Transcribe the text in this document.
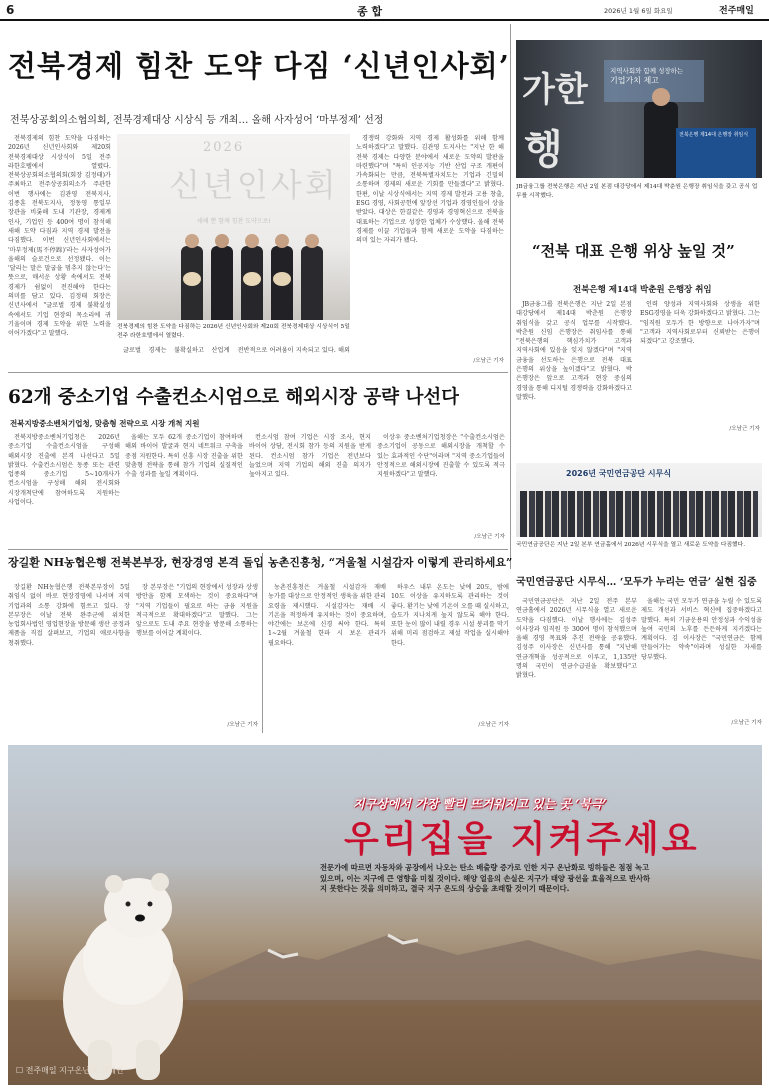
6	종 합	2026년 1월 6일 화요일	전주매일
전북경제 힘찬 도약 다짐 ‘신년인사회’
전북상공회의소협의회, 전북경제대상 시상식 등 개최… 올해 사자성어 ‘마부정제’ 선정

전북경제의 힘찬 도약을 다짐하는 2026년 신년인사회와 제20회 전북경제대상 시상식이 5일 전주 라한호텔에서 열렸다. 전북상공회의소협의회(회장 김정태)가 주최하고 전주상공회의소가 주관한 이번 행사에는 김관영 전북지사, 김종훈 전북도지사, 정동영 통일부 장관을 비롯해 도내 기관장, 경제계 인사, 기업인 등 400여 명이 참석해 새해 도약 다짐과 지역 경제 발전을 다짐했다. 이번 신년인사회에서는 '마부정제(馬不停蹄)'라는 사자성어가 올해의 슬로건으로 선정됐다. 이는 '달리는 말은 말굽을 멈추지 않는다'는 뜻으로, 매서운 상황 속에서도 전북 경제가 쉼없이 전진해야 한다는 의미를 담고 있다. 김정태 회장은 신년사에서 "글로벌 경제 불확실성 속에서도 기업 현장의 목소리에 귀 기울이며 경제 도약을 위한 노력을 이어가겠다"고 말했다.

2026
신년인사회
새해 뿐 함께 힘찬 도약으로!
전북경제의 힘찬 도약을 다짐하는 2026년 신년인사회와 제20회 전북경제대상 시상식이 5일 전주 라한호텔에서 열렸다.

글로벌 경제는 불확실하고 산업계 전반적으로 어려움이 지속되고 있다. 해외

경쟁력 강화와 지역 경제 활성화를 위해 함께 노력하겠다"고 말했다. 김관영 도지사는 "지난 한 해 전북 경제는 다양한 분야에서 새로운 도약의 발판을 마련했다"며 "특히 인공지능 기반 산업 구조 개편이 가속화되는 만큼, 전북특별자치도는 기업과 긴밀히 소통하며 경제의 새로운 기회를 만들겠다"고 밝혔다. 한편, 이날 시상식에서는 지역 경제 발전과 고용 창출, ESG 경영, 사회공헌에 앞장선 기업과 경영인들이 상을 받았다. 대상은 한결같은 경영과 경영혁신으로 전북을 대표하는 기업으로 성장한 업체가 수상했다. 올해 전북 경제를 이끌 기업들과 함께 새로운 도약을 다짐하는 의미 있는 자리가 됐다.

/오남근 기자
가한
행
지역사회와 함께 성장하는
기업가치 제고
전북은행 제14대 은행장 취임식
JB금융그룹 전북은행은 지난 2일 본점 대강당에서 제14대 박춘원 은행장 취임식을 갖고 공식 업무를 시작했다.
“전북 대표 은행 위상 높일 것”
전북은행 제14대 박춘원 은행장 취임

JB금융그룹 전북은행은 지난 2일 본점 대강당에서 제14대 박춘원 은행장 취임식을 갖고 공식 업무를 시작했다. 박춘원 신임 은행장은 취임사를 통해 "전북은행의 핵심가치가 고객과 지역사회에 있음을 잊지 않겠다"며 "지역 금융을 선도하는 은행으로 전북 대표 은행의 위상을 높이겠다"고 밝혔다. 박 은행장은 앞으로 고객과 현장 중심의 경영을 통해 디지털 경쟁력을 강화하겠다고 말했다.

인력 양성과 지역사회와 상생을 위한 ESG경영을 더욱 강화하겠다고 밝혔다. 그는 "임직원 모두가 한 방향으로 나아가자"며 "고객과 지역사회로부터 신뢰받는 은행이 되겠다"고 강조했다.

/오남근 기자
62개 중소기업 수출컨소시엄으로 해외시장 공략 나선다
전북지방중소벤처기업청, 맞춤형 전략으로 시장 개척 지원

전북지방중소벤처기업청은 2026년 중소기업 수출컨소시엄을 구성해 해외시장 진출에 본격 나선다고 5일 밝혔다. 수출컨소시엄은 동종 또는 관련 업종의 중소기업 5~10개사가 컨소시엄을 구성해 해외 전시회와 시장개척단에 참여하도록 지원하는 사업이다.

올해는 모두 62개 중소기업이 참여하며 해외 바이어 발굴과 현지 네트워크 구축을 중점 지원한다. 특히 신흥 시장 진출을 위한 맞춤형 전략을 통해 참가 기업의 실질적인 수출 성과를 높일 계획이다.

컨소시엄 참여 기업은 시장 조사, 현지 바이어 상담, 전시회 참가 등의 지원을 받게 된다. 컨소시엄 참가 기업은 전년보다 늘었으며 지역 기업의 해외 진출 의지가 높아지고 있다.

이상우 중소벤처기업청장은 "수출컨소시엄은 중소기업이 공동으로 해외시장을 개척할 수 있는 효과적인 수단"이라며 "지역 중소기업들이 안정적으로 해외시장에 진출할 수 있도록 적극 지원하겠다"고 말했다.

/오남근 기자
2026년 국민연금공단 시무식
국민연금공단은 지난 2일 본부 연금홀에서 2026년 시무식을 열고 새로운 도약을 다짐했다.
국민연금공단 시무식… ‘모두가 누리는 연금’ 실현 집중

국민연금공단은 지난 2일 전주 본부 연금홀에서 2026년 시무식을 열고 새로운 도약을 다짐했다. 이날 행사에는 김성주 이사장과 임직원 등 300여 명이 참석했으며 올해 경영 목표와 추진 전략을 공유했다. 김성주 이사장은 신년사를 통해 "지난해 연금개혁을 성공적으로 이루고, 1,135만 명의 국민이 연금수급권을 확보했다"고 밝혔다.

올해는 국민 모두가 연금을 누릴 수 있도록 제도 개선과 서비스 혁신에 집중하겠다고 말했다. 특히 기금운용의 안정성과 수익성을 높여 국민의 노후를 든든하게 지키겠다는 계획이다. 김 이사장은 "국민연금은 함께 만들어가는 약속"이라며 성실한 자세를 당부했다.

/오남근 기자
장길환 NH농협은행 전북본부장, 현장경영 본격 돌입

장길환 NH농협은행 전북본부장이 5일 취임식 없이 바로 현장경영에 나서며 지역 기업과의 소통 강화에 힘쓰고 있다. 장 본부장은 이날 전북 완주군에 위치한 농업회사법인 영업현장을 방문해 생산 공정과 제품을 직접 살펴보고, 기업의 애로사항을 청취했다.

장 본부장은 "기업의 현장에서 성장과 상생 방안을 함께 모색하는 것이 중요하다"며 "지역 기업들이 필요로 하는 금융 지원을 적극적으로 확대하겠다"고 말했다. 그는 앞으로도 도내 주요 현장을 방문해 소통하는 행보를 이어갈 계획이다.

/오남근 기자
농촌진흥청, “겨울철 시설감자 이렇게 관리하세요”

농촌진흥청은 겨울철 시설감자 재배 농가를 대상으로 안정적인 생육을 위한 관리 요령을 제시했다. 시설감자는 재배 시 기온을 적정하게 유지하는 것이 중요하며, 야간에는 보온에 신경 써야 한다. 특히 1~2월 겨울철 한파 시 보온 관리가 필요하다.

하우스 내부 온도는 낮에 20도, 밤에 10도 이상을 유지하도록 관리하는 것이 좋다. 환기는 낮에 기온이 오를 때 실시하고, 습도가 지나치게 높지 않도록 해야 한다. 또한 눈이 많이 내릴 경우 시설 붕괴를 막기 위해 미리 점검하고 제설 작업을 실시해야 한다.

/오남근 기자
지구상에서 가장 빨리 뜨거워지고 있는 곳 ‘북극’
우리집을 지켜주세요
전문가에 따르면 자동차와 공장에서 나오는 탄소 배출량 증가로 인한 지구 온난화로 빙하들은 점점 녹고 있으며, 이는 지구에 큰 영향을 미칠 것이다. 해양 얼음의 손실은 지구가 태양 광선을 효율적으로 반사하지 못한다는 것을 의미하고, 결국 지구 온도의 상승을 초래할 것이기 때문이다.
☐ 전주매일 지구온난화 캠페인
